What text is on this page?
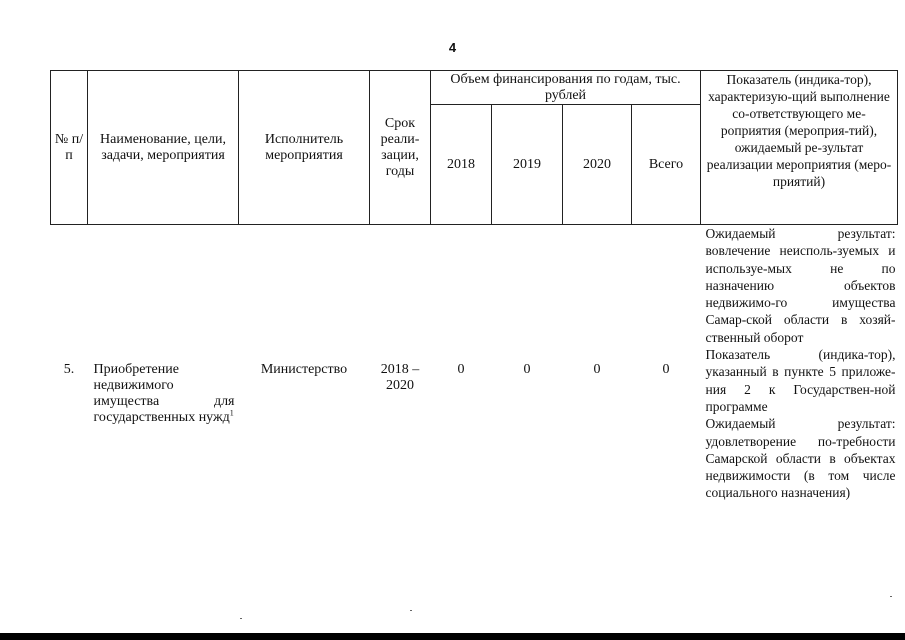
4
№ п/п	Наименование, цели, задачи, мероприятия	Исполнитель мероприятия	Срок реали-зации, годы	Объем финансирования по годам, тыс. рублей				Показатель (индика-тор), характеризую-щий выполнение со-ответствующего ме-роприятия (мероприя-тий), ожидаемый ре-зультат реализации мероприятия (меро-приятий)
				2018	2019	2020	Всего	
5.	Приобретение недвижимого имущества для государственных нужд$^1$	Министерство	2018 – 2020	0	0	0	0	Ожидаемый результат: вовлечение неисполь-зуемых и используе-мых не по назначению объектов недвижимо-го имущества Самар-ской области в хозяй-ственный оборот

Показатель (индика-тор), указанный в пункте 5 приложе-ния 2 к Государствен-ной программе

Ожидаемый результат: удовлетворение по-требности Самарской области в объектах недвижимости (в том числе социального назначения)
